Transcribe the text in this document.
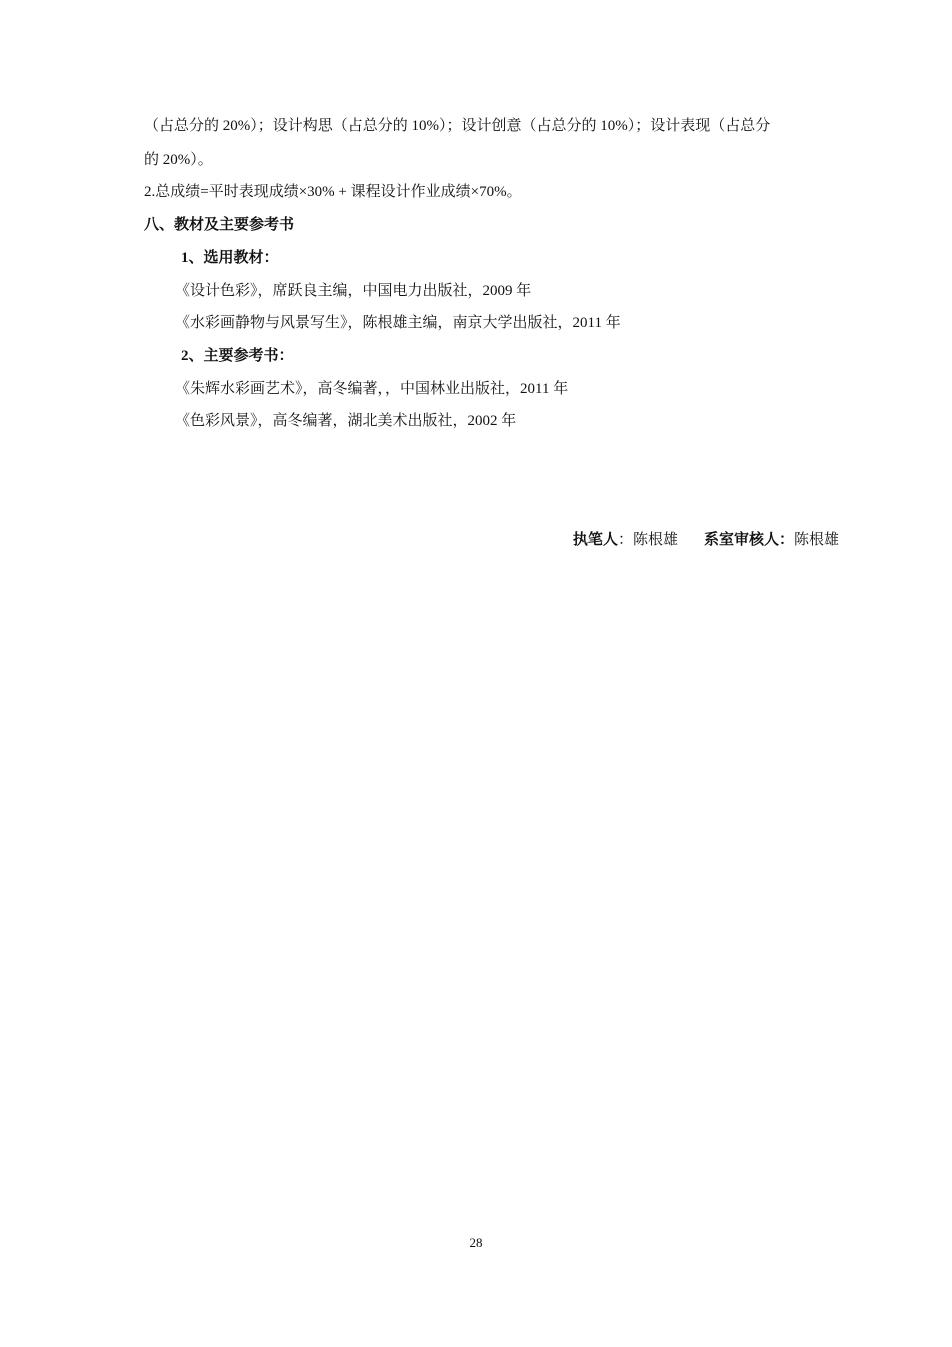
（占总分的 20%）；设计构思（占总分的 10%）；设计创意（占总分的 10%）；设计表现（占总分
的 20%）。
2.总成绩=平时表现成绩×30% + 课程设计作业成绩×70%。
八、教材及主要参考书
1、选用教材：
《设计色彩》，席跃良主编，中国电力出版社，2009 年
《水彩画静物与风景写生》，陈根雄主编，南京大学出版社，2011 年
2、主要参考书：
《朱辉水彩画艺术》，高冬编著，，中国林业出版社，2011 年
《色彩风景》，高冬编著，湖北美术出版社，2002 年
执笔人：陈根雄 系室审核人：陈根雄
28
